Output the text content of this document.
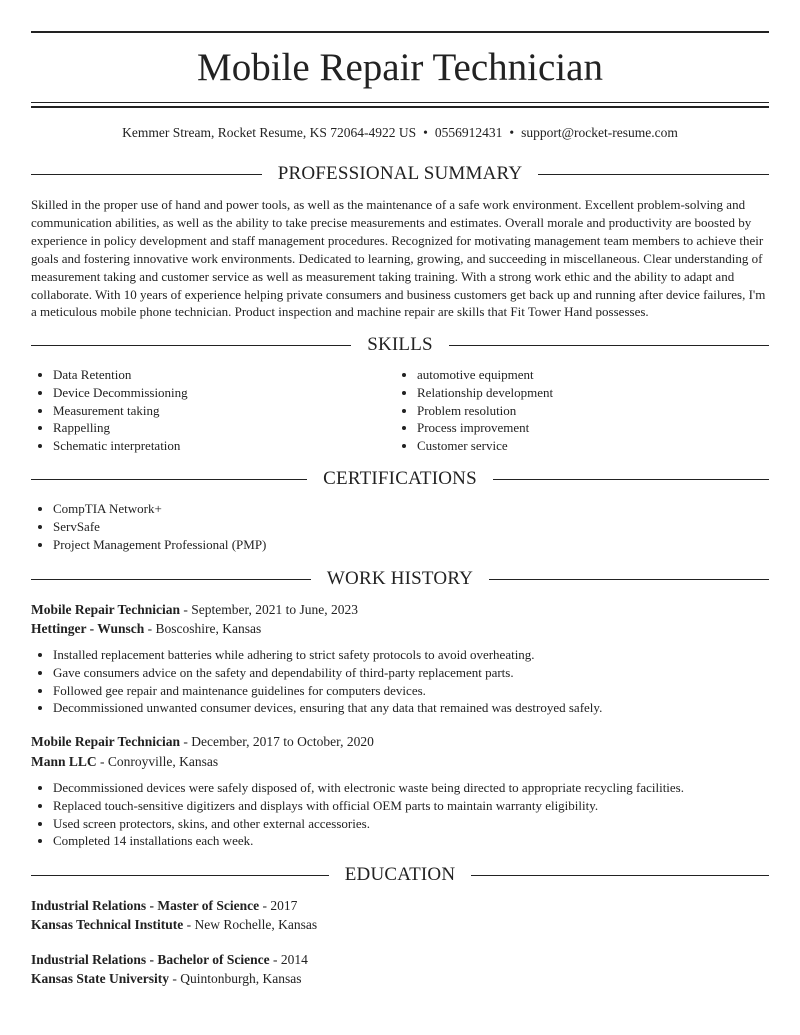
Mobile Repair Technician
Kemmer Stream, Rocket Resume, KS 72064-4922 US • 0556912431 • support@rocket-resume.com
PROFESSIONAL SUMMARY

Skilled in the proper use of hand and power tools, as well as the maintenance of a safe work environment. Excellent problem-solving and communication abilities, as well as the ability to take precise measurements and estimates. Overall morale and productivity are boosted by experience in policy development and staff management procedures. Recognized for motivating management team members to achieve their goals and fostering innovative work environments. Dedicated to learning, growing, and succeeding in miscellaneous. Clear understanding of measurement taking and customer service as well as measurement taking training. With a strong work ethic and the ability to adapt and collaborate. With 10 years of experience helping private consumers and business customers get back up and running after device failures, I'm a meticulous mobile phone technician. Product inspection and machine repair are skills that Fit Tower Hand possesses.

SKILLS
• Data Retention
• Device Decommissioning
• Measurement taking
• Rappelling
• Schematic interpretation
• automotive equipment
• Relationship development
• Problem resolution
• Process improvement
• Customer service
CERTIFICATIONS
• CompTIA Network+
• ServSafe
• Project Management Professional (PMP)
WORK HISTORY
Mobile Repair Technician - September, 2021 to June, 2023
Hettinger - Wunsch - Boscoshire, Kansas
• Installed replacement batteries while adhering to strict safety protocols to avoid overheating.
• Gave consumers advice on the safety and dependability of third-party replacement parts.
• Followed gee repair and maintenance guidelines for computers devices.
• Decommissioned unwanted consumer devices, ensuring that any data that remained was destroyed safely.
Mobile Repair Technician - December, 2017 to October, 2020
Mann LLC - Conroyville, Kansas
• Decommissioned devices were safely disposed of, with electronic waste being directed to appropriate recycling facilities.
• Replaced touch-sensitive digitizers and displays with official OEM parts to maintain warranty eligibility.
• Used screen protectors, skins, and other external accessories.
• Completed 14 installations each week.
EDUCATION
Industrial Relations - Master of Science - 2017
Kansas Technical Institute - New Rochelle, Kansas
Industrial Relations - Bachelor of Science - 2014
Kansas State University - Quintonburgh, Kansas
